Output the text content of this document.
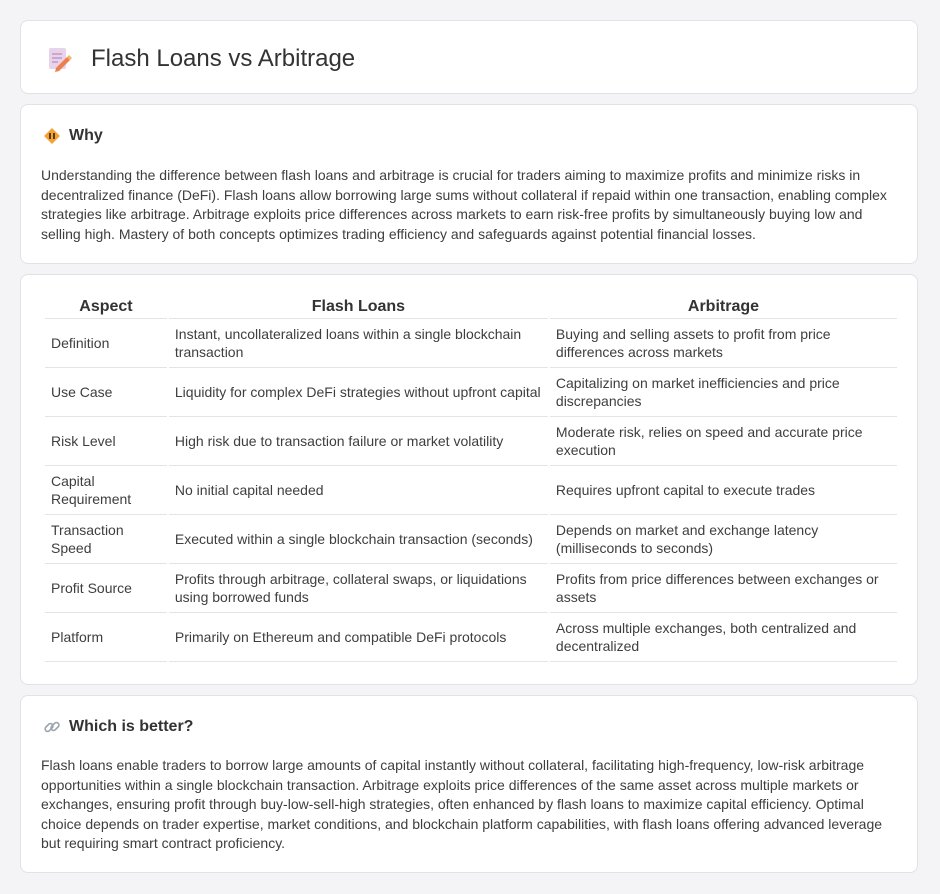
Flash Loans vs Arbitrage
Why

Understanding the difference between flash loans and arbitrage is crucial for traders aiming to maximize profits and minimize risks in decentralized finance (DeFi). Flash loans allow borrowing large sums without collateral if repaid within one transaction, enabling complex strategies like arbitrage. Arbitrage exploits price differences across markets to earn risk-free profits by simultaneously buying low and selling high. Mastery of both concepts optimizes trading efficiency and safeguards against potential financial losses.

Aspect	Flash Loans	Arbitrage
Definition	Instant, uncollateralized loans within a single blockchain transaction	Buying and selling assets to profit from price differences across markets
Use Case	Liquidity for complex DeFi strategies without upfront capital	Capitalizing on market inefficiencies and price discrepancies
Risk Level	High risk due to transaction failure or market volatility	Moderate risk, relies on speed and accurate price execution
Capital Requirement	No initial capital needed	Requires upfront capital to execute trades
Transaction Speed	Executed within a single blockchain transaction (seconds)	Depends on market and exchange latency (milliseconds to seconds)
Profit Source	Profits through arbitrage, collateral swaps, or liquidations using borrowed funds	Profits from price differences between exchanges or assets
Platform	Primarily on Ethereum and compatible DeFi protocols	Across multiple exchanges, both centralized and decentralized
Which is better?

Flash loans enable traders to borrow large amounts of capital instantly without collateral, facilitating high-frequency, low-risk arbitrage opportunities within a single blockchain transaction. Arbitrage exploits price differences of the same asset across multiple markets or exchanges, ensuring profit through buy-low-sell-high strategies, often enhanced by flash loans to maximize capital efficiency. Optimal choice depends on trader expertise, market conditions, and blockchain platform capabilities, with flash loans offering advanced leverage but requiring smart contract proficiency.
